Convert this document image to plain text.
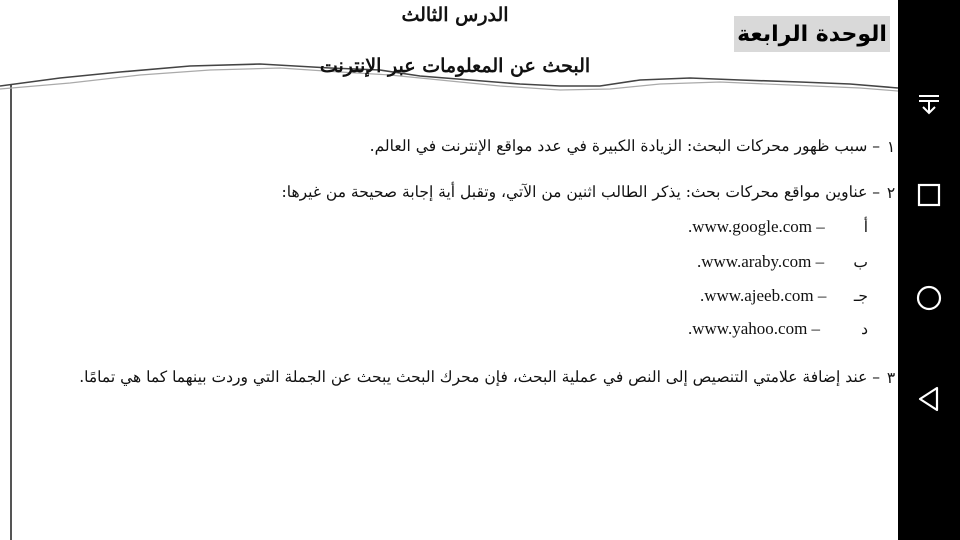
الوحدة الرابعة
الدرس الثالث
البحث عن المعلومات عبر الإنترنت
١
– سبب ظهور محركات البحث: الزيادة الكبيرة في عدد مواقع الإنترنت في العالم.
٢
– عناوين مواقع محركات بحث: يذكر الطالب اثنين من الآتي، وتقبل أية إجابة صحيحة من غيرها:
أ
.www.google.com –
ب
.www.araby.com –
جـ
.www.ajeeb.com –
د
.www.yahoo.com –
٣
– عند إضافة علامتي التنصيص إلى النص في عملية البحث، فإن محرك البحث يبحث عن الجملة التي وردت بينهما كما هي تمامًا.
